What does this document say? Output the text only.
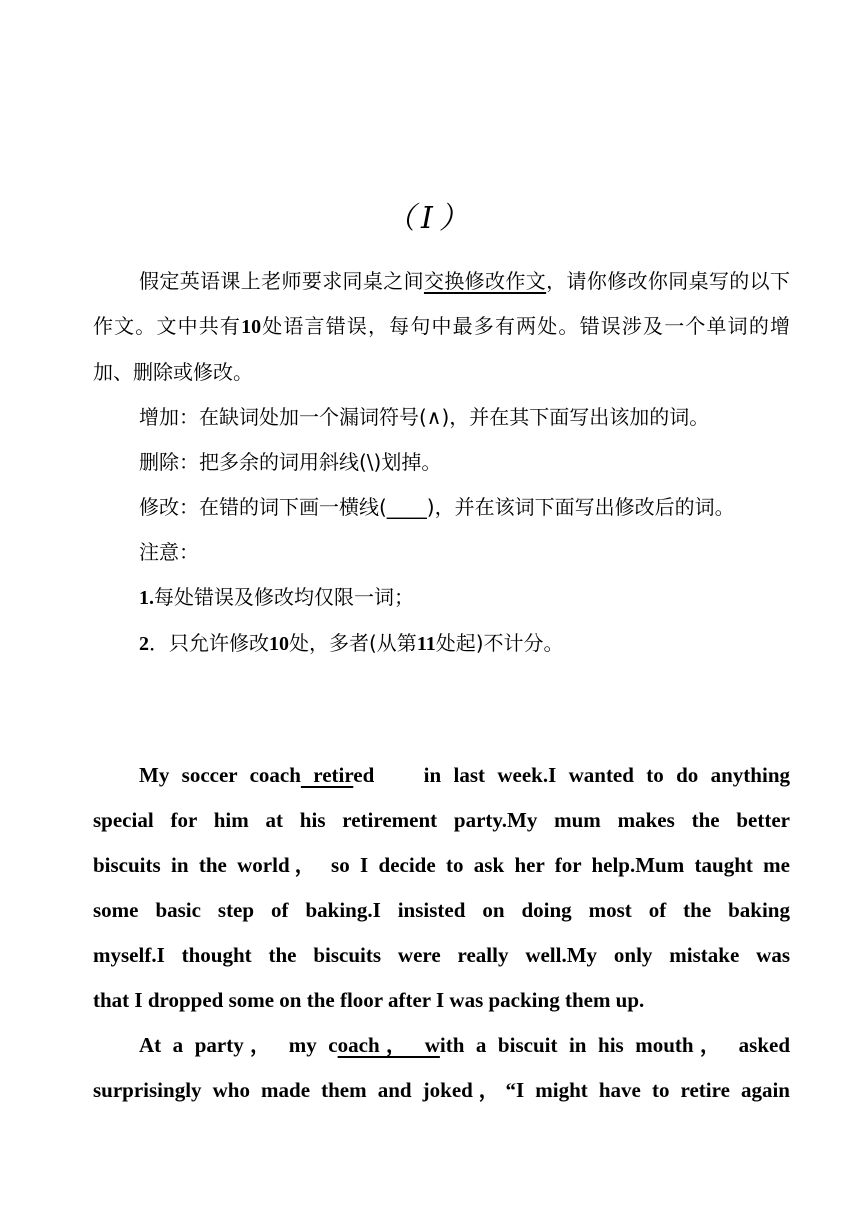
（Ⅰ）

假定英语课上老师要求同桌之间交换修改作文，请你修改你同桌写的以下作文。文中共有10处语言错误，每句中最多有两处。错误涉及一个单词的增加、删除或修改。

增加：在缺词处加一个漏词符号(∧)，并在其下面写出该加的词。

删除：把多余的词用斜线(\)划掉。

修改：在错的词下画一横线(____)，并在该词下面写出修改后的词。

注意：

1.每处错误及修改均仅限一词；

2．只允许修改10处，多者(从第11处起)不计分。

My soccer coach retired    in last week.I wanted to do anything

special for him at his retirement party.My mum makes the better

biscuits in the world， so I decide to ask her for help.Mum taught me

some basic step of baking.I insisted on doing most of the baking

myself.I thought the biscuits were really well.My only mistake was

that I dropped some on the floor after I was packing them up.

At a party， my coach， with a biscuit in his mouth， asked

surprisingly who made them and joked，“I might have to retire again
